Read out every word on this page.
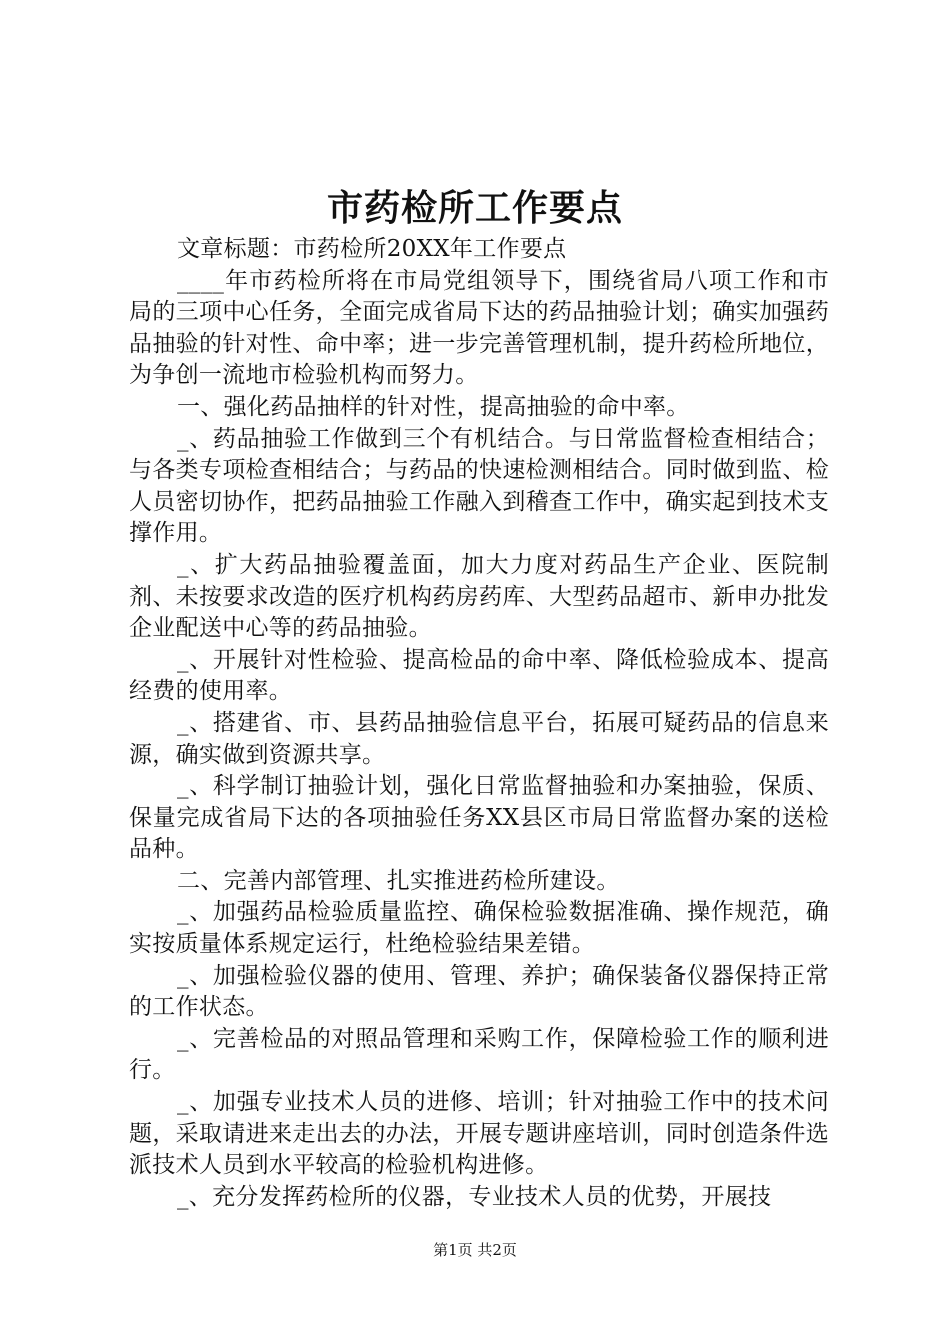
市药检所工作要点

文章标题：市药检所20XX年工作要点

____年市药检所将在市局党组领导下，围绕省局八项工作和市局的三项中心任务，全面完成省局下达的药品抽验计划；确实加强药品抽验的针对性、命中率；进一步完善管理机制，提升药检所地位，为争创一流地市检验机构而努力。

一、强化药品抽样的针对性，提高抽验的命中率。

_、药品抽验工作做到三个有机结合。与日常监督检查相结合；与各类专项检查相结合；与药品的快速检测相结合。同时做到监、检人员密切协作，把药品抽验工作融入到稽查工作中，确实起到技术支撑作用。

_、扩大药品抽验覆盖面，加大力度对药品生产企业、医院制剂、未按要求改造的医疗机构药房药库、大型药品超市、新申办批发企业配送中心等的药品抽验。

_、开展针对性检验、提高检品的命中率、降低检验成本、提高经费的使用率。

_、搭建省、市、县药品抽验信息平台，拓展可疑药品的信息来源，确实做到资源共享。

_、科学制订抽验计划，强化日常监督抽验和办案抽验，保质、保量完成省局下达的各项抽验任务XX县区市局日常监督办案的送检品种。

二、完善内部管理、扎实推进药检所建设。

_、加强药品检验质量监控、确保检验数据准确、操作规范，确实按质量体系规定运行，杜绝检验结果差错。

_、加强检验仪器的使用、管理、养护；确保装备仪器保持正常的工作状态。

_、完善检品的对照品管理和采购工作，保障检验工作的顺利进行。

_、加强专业技术人员的进修、培训；针对抽验工作中的技术问题，采取请进来走出去的办法，开展专题讲座培训，同时创造条件选派技术人员到水平较高的检验机构进修。

_、充分发挥药检所的仪器，专业技术人员的优势，开展技

第1页 共2页
